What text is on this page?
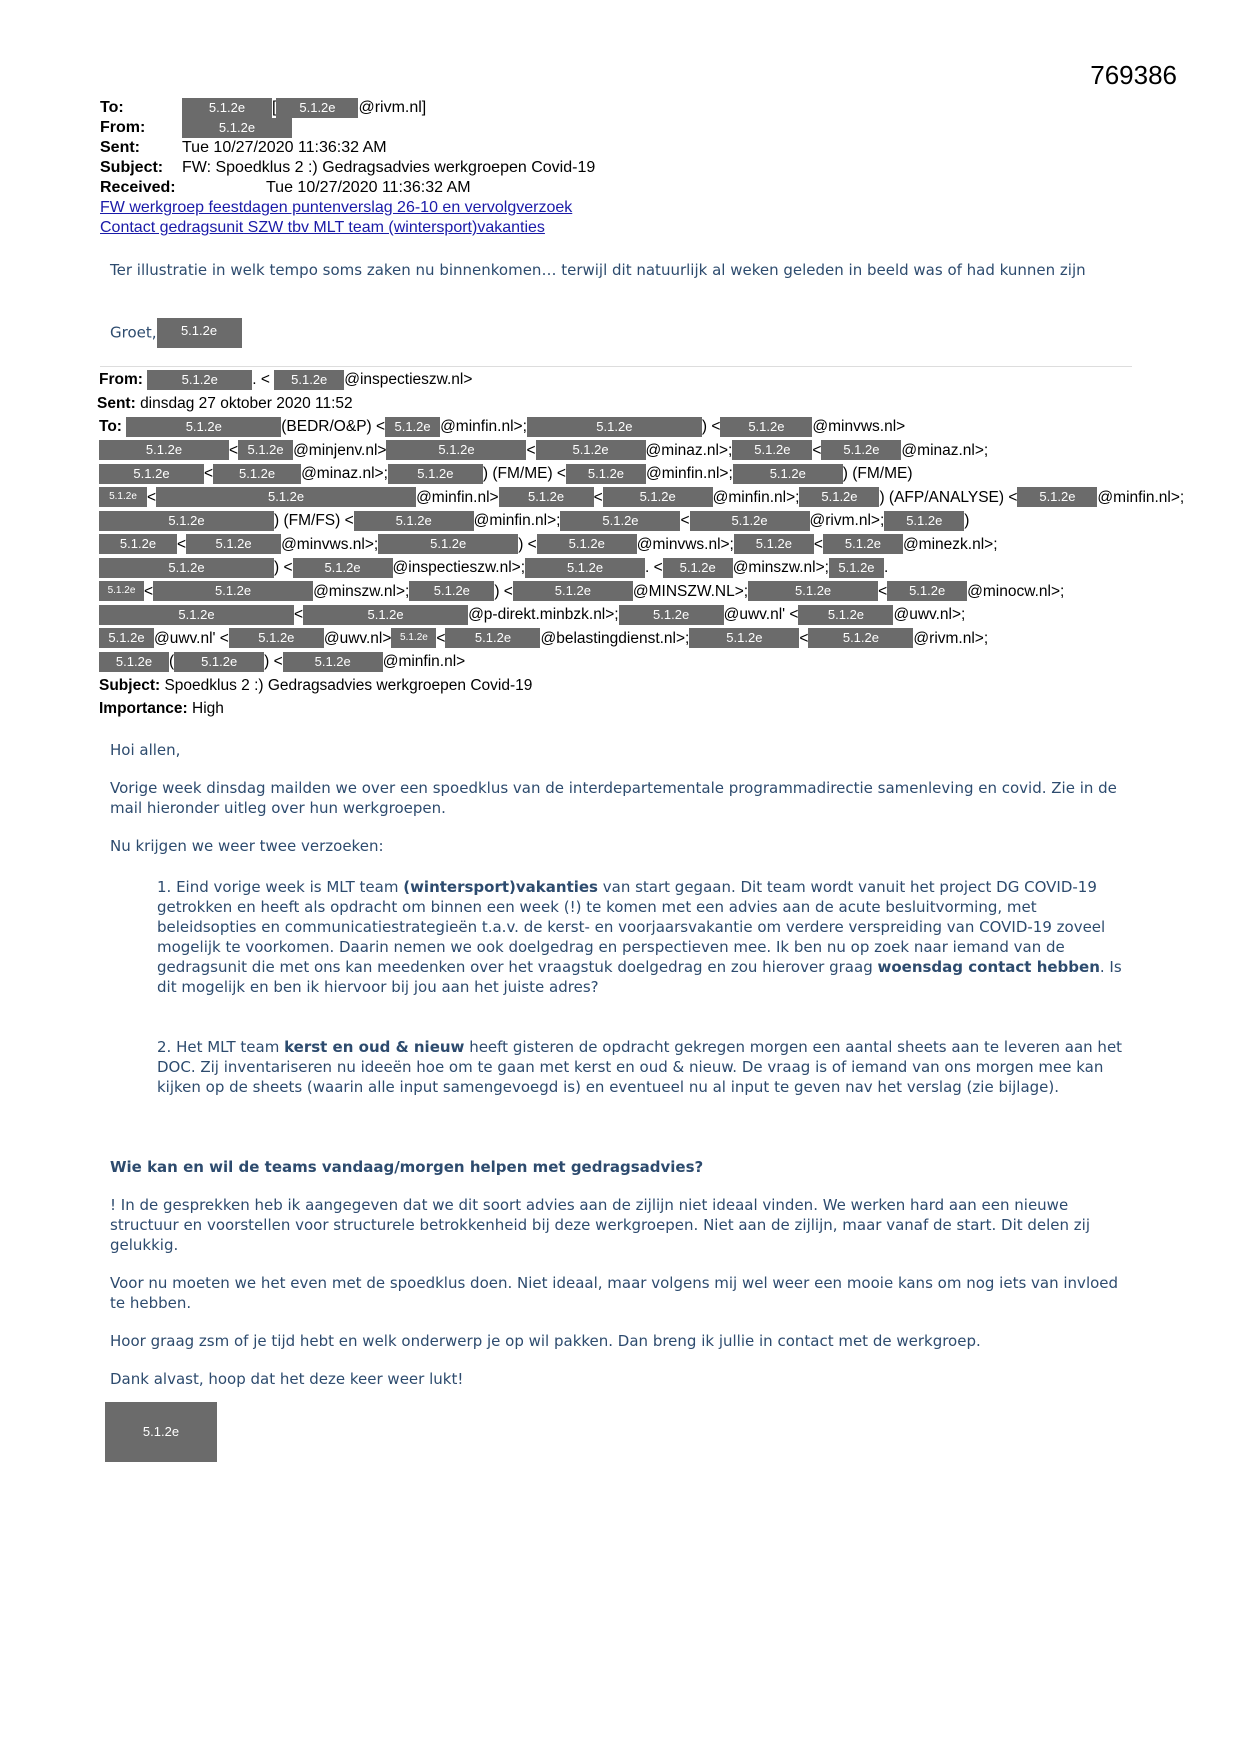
769386
To:	5.1.2e [ 5.1.2e @rivm.nl]
From:	5.1.2e
Sent:	Tue 10/27/2020 11:36:32 AM
Subject: FW: Spoedklus 2 :) Gedragsadvies werkgroepen Covid-19
Received:	Tue 10/27/2020 11:36:32 AM
FW werkgroep feestdagen puntenverslag 26-10 en vervolgverzoek
Contact gedragsunit SZW tbv MLT team (wintersport)vakanties
Ter illustratie in welk tempo soms zaken nu binnenkomen… terwijl dit natuurlijk al weken geleden in beeld was of had kunnen zijn
Groet, 5.1.2e
From:	5.1.2e . < 5.1.2e @inspectieszw.nl>
Sent: dinsdag 27 oktober 2020 11:52
To:	5.1.2e	(BEDR/O&P) < 5.1.2e @minfin.nl>;	5.1.2e	) < 5.1.2e @minvws.nl>
5.1.2e	< 5.1.2e @minjenv.nl>	5.1.2e	<	5.1.2e @minaz.nl>; 5.1.2e < 5.1.2e @minaz.nl>;
5.1.2e < 5.1.2e @minaz.nl>; 5.1.2e ) (FM/ME) < 5.1.2e @minfin.nl>;	5.1.2e ) (FM/ME)
5.1.2e <	5.1.2e	@minfin.nl> 5.1.2e <	5.1.2e @minfin.nl>; 5.1.2e ) (AFP/ANALYSE) < 5.1.2e @minfin.nl>;
5.1.2e	) (FM/FS) <	5.1.2e	@minfin.nl>;	5.1.2e	<	5.1.2e	@rivm.nl>; 5.1.2e )
5.1.2e < 5.1.2e @minvws.nl>;	5.1.2e	) < 5.1.2e @minvws.nl>; 5.1.2e < 5.1.2e @minezk.nl>;
5.1.2e	) < 5.1.2e @inspectieszw.nl>;	5.1.2e	. < 5.1.2e @minszw.nl>; 5.1.2e .
5.1.2e <	5.1.2e	@minszw.nl>; 5.1.2e ) <	5.1.2e	@MINSZW.NL>;	5.1.2e	< 5.1.2e @minocw.nl>;
5.1.2e	<	5.1.2e	@p-direkt.minbzk.nl>;	5.1.2e @uwv.nl' < 5.1.2e @uwv.nl>;
5.1.2e @uwv.nl' < 5.1.2e @uwv.nl> 5.1.2e < 5.1.2e @belastingdienst.nl>;	5.1.2e <	5.1.2e @rivm.nl>;
5.1.2e ( 5.1.2e ) < 5.1.2e @minfin.nl>
Subject: Spoedklus 2 :) Gedragsadvies werkgroepen Covid-19
Importance: High

Hoi allen,

Vorige week dinsdag mailden we over een spoedklus van de interdepartementale programmadirectie samenleving en covid. Zie in de mail hieronder uitleg over hun werkgroepen.

Nu krijgen we weer twee verzoeken:

1. Eind vorige week is MLT team (wintersport)vakanties van start gegaan. Dit team wordt vanuit het project DG COVID-19 getrokken en heeft als opdracht om binnen een week (!) te komen met een advies aan de acute besluitvorming, met beleidsopties en communicatiestrategieën t.a.v. de kerst- en voorjaarsvakantie om verdere verspreiding van COVID-19 zoveel mogelijk te voorkomen. Daarin nemen we ook doelgedrag en perspectieven mee. Ik ben nu op zoek naar iemand van de gedragsunit die met ons kan meedenken over het vraagstuk doelgedrag en zou hierover graag woensdag contact hebben. Is dit mogelijk en ben ik hiervoor bij jou aan het juiste adres?
2. Het MLT team kerst en oud & nieuw heeft gisteren de opdracht gekregen morgen een aantal sheets aan te leveren aan het DOC. Zij inventariseren nu ideeën hoe om te gaan met kerst en oud & nieuw. De vraag is of iemand van ons morgen mee kan kijken op de sheets (waarin alle input samengevoegd is) en eventueel nu al input te geven nav het verslag (zie bijlage).

Wie kan en wil de teams vandaag/morgen helpen met gedragsadvies?

! In de gesprekken heb ik aangegeven dat we dit soort advies aan de zijlijn niet ideaal vinden. We werken hard aan een nieuwe structuur en voorstellen voor structurele betrokkenheid bij deze werkgroepen. Niet aan de zijlijn, maar vanaf de start. Dit delen zij gelukkig.

Voor nu moeten we het even met de spoedklus doen. Niet ideaal, maar volgens mij wel weer een mooie kans om nog iets van invloed te hebben.

Hoor graag zsm of je tijd hebt en welk onderwerp je op wil pakken. Dan breng ik jullie in contact met de werkgroep.

Dank alvast, hoop dat het deze keer weer lukt!

5.1.2e
